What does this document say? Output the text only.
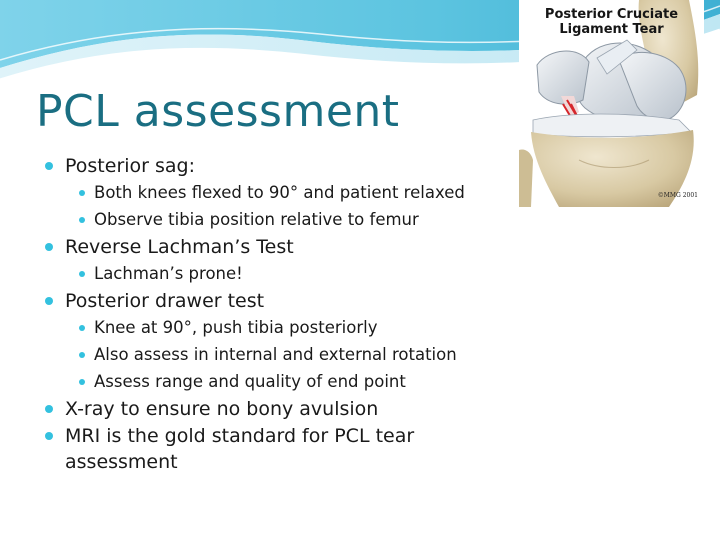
PCL assessment
Posterior sag:
Both knees flexed to 90° and patient relaxed
Observe tibia position relative to femur
Reverse Lachman’s Test
Lachman’s prone!
Posterior drawer test
Knee at 90°, push tibia posteriorly
Also assess in internal and external rotation
Assess range and quality of end point
X-ray to ensure no bony avulsion
MRI is the gold standard for PCL tear assessment
Posterior Cruciate
Ligament Tear
©MMG 2001
